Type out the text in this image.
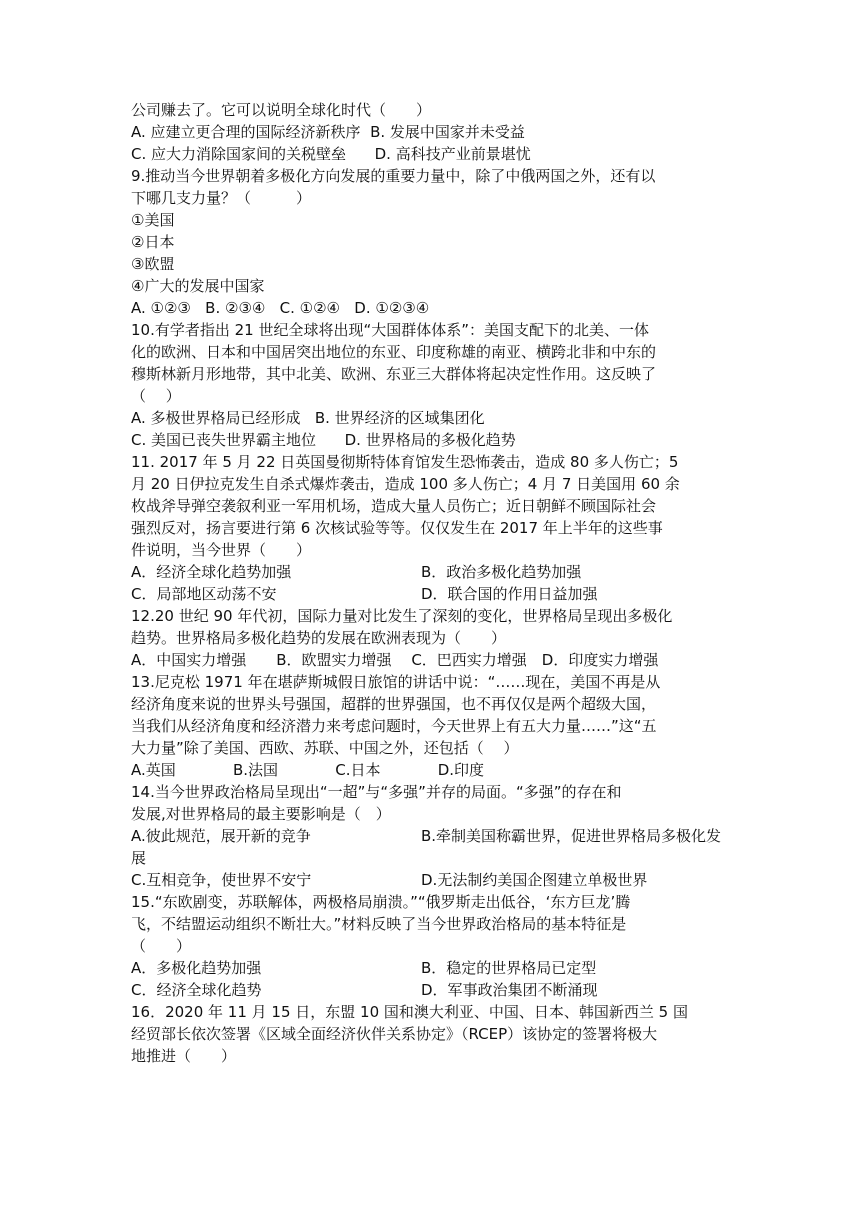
公司赚去了。它可以说明全球化时代（　　）
A. 应建立更合理的国际经济新秩序  B. 发展中国家并未受益
C. 应大力消除国家间的关税壁垒      D. 高科技产业前景堪忧
9.推动当今世界朝着多极化方向发展的重要力量中，除了中俄两国之外，还有以
下哪几支力量？（　　　）
①美国
②日本
③欧盟
④广大的发展中国家
A. ①②③   B. ②③④   C. ①②④   D. ①②③④
10.有学者指出 21 世纪全球将出现“大国群体体系”：美国支配下的北美、一体
化的欧洲、日本和中国居突出地位的东亚、印度称雄的南亚、横跨北非和中东的
穆斯林新月形地带，其中北美、欧洲、东亚三大群体将起决定性作用。这反映了
（　 ）
A. 多极世界格局已经形成   B. 世界经济的区域集团化
C. 美国已丧失世界霸主地位      D. 世界格局的多极化趋势
11. 2017 年 5 月 22 日英国曼彻斯特体育馆发生恐怖袭击，造成 80 多人伤亡；5
月 20 日伊拉克发生自杀式爆炸袭击，造成 100 多人伤亡；4 月 7 日美国用 60 余
枚战斧导弹空袭叙利亚一军用机场，造成大量人员伤亡；近日朝鲜不顾国际社会
强烈反对，扬言要进行第 6 次核试验等等。仅仅发生在 2017 年上半年的这些事
件说明，当今世界（　　）
A．经济全球化趋势加强	B．政治多极化趋势加强
C．局部地区动荡不安	D．联合国的作用日益加强
12.20 世纪 90 年代初，国际力量对比发生了深刻的变化，世界格局呈现出多极化
趋势。世界格局多极化趋势的发展在欧洲表现为（　　）
A．中国实力增强　　B．欧盟实力增强　 C．巴西实力增强　D．印度实力增强
13.尼克松 1971 年在堪萨斯城假日旅馆的讲话中说：“……现在，美国不再是从
经济角度来说的世界头号强国，超群的世界强国，也不再仅仅是两个超级大国，
当我们从经济角度和经济潜力来考虑问题时，今天世界上有五大力量……”这“五
大力量”除了美国、西欧、苏联、中国之外，还包括（　 ）
A.英国            B.法国            C.日本            D.印度
14.当今世界政治格局呈现出“一超”与“多强”并存的局面。“多强”的存在和
发展,对世界格局的最主要影响是（　）
A.彼此规范，展开新的竞争	B.牵制美国称霸世界，促进世界格局多极化发
展
C.互相竞争，使世界不安宁	D.无法制约美国企图建立单极世界
15.“东欧剧变，苏联解体，两极格局崩溃。”“俄罗斯走出低谷，‘东方巨龙’腾
飞，不结盟运动组织不断壮大。”材料反映了当今世界政治格局的基本特征是
（　　）
A．多极化趋势加强	B．稳定的世界格局已定型
C．经济全球化趋势	D．军事政治集团不断涌现
16．2020 年 11 月 15 日，东盟 10 国和澳大利亚、中国、日本、韩国新西兰 5 国
经贸部长依次签署《区域全面经济伙伴关系协定》（RCEP）该协定的签署将极大
地推进（　　）
